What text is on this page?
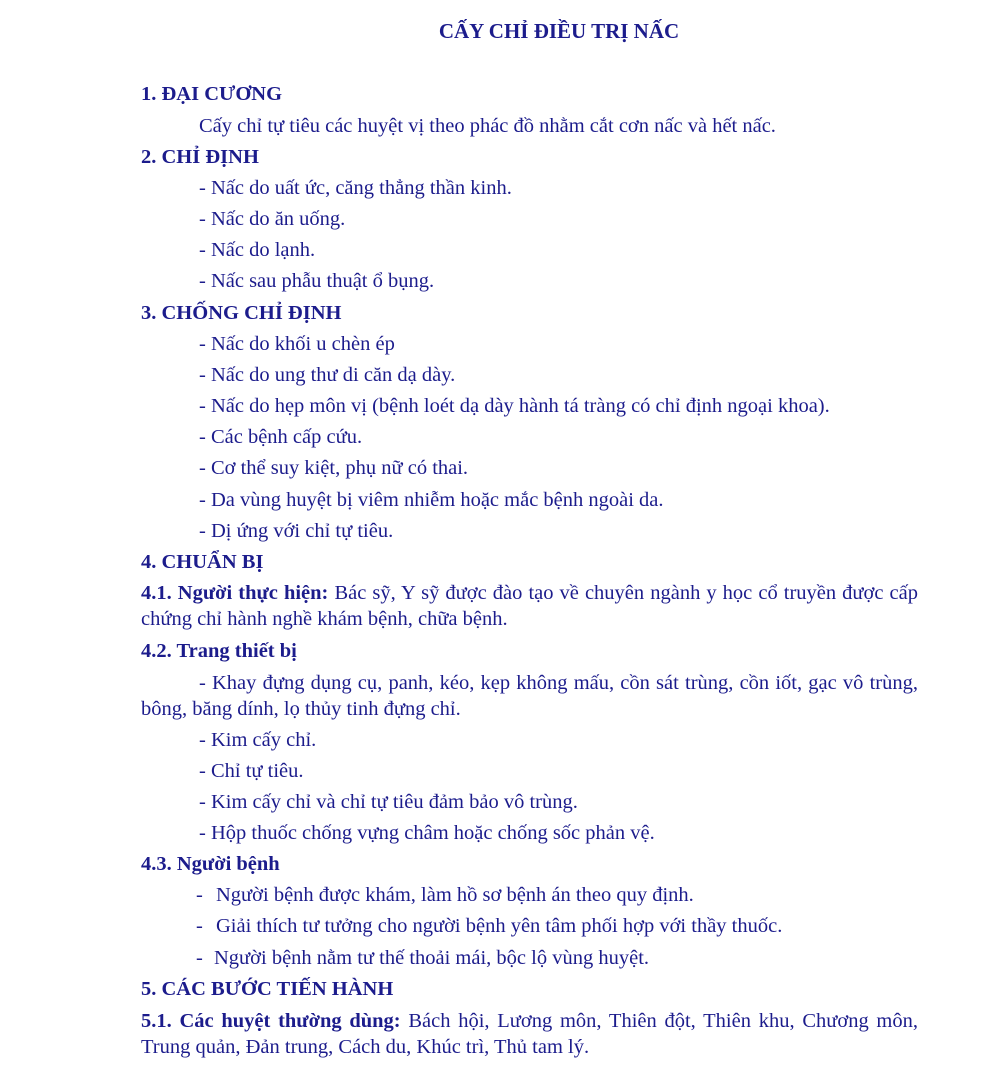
CẤY CHỈ ĐIỀU TRỊ NẤC
1. ĐẠI CƯƠNG
Cấy chỉ tự tiêu các huyệt vị theo phác đồ nhằm cắt cơn nấc và hết nấc.
2. CHỈ ĐỊNH
- Nấc do uất ức, căng thẳng thần kinh.
- Nấc do ăn uống.
- Nấc do lạnh.
- Nấc sau phẫu thuật ổ bụng.
3. CHỐNG CHỈ ĐỊNH
- Nấc do khối u chèn ép
- Nấc do ung thư di căn dạ dày.
- Nấc do hẹp môn vị (bệnh loét dạ dày hành tá tràng có chỉ định ngoại khoa).
- Các bệnh cấp cứu.
- Cơ thể suy kiệt, phụ nữ có thai.
- Da vùng huyệt bị viêm nhiễm hoặc mắc bệnh ngoài da.
- Dị ứng với chỉ tự tiêu.
4. CHUẨN BỊ
4.1. Người thực hiện: Bác sỹ, Y sỹ được đào tạo về chuyên ngành y học cổ truyền được cấp chứng chỉ hành nghề khám bệnh, chữa bệnh.
4.2. Trang thiết bị
- Khay đựng dụng cụ, panh, kéo, kẹp không mấu, cồn sát trùng, cồn iốt, gạc vô trùng, bông, băng dính, lọ thủy tinh đựng chỉ.
- Kim cấy chỉ.
- Chỉ tự tiêu.
- Kim cấy chỉ và chỉ tự tiêu đảm bảo vô trùng.
- Hộp thuốc chống vựng châm hoặc chống sốc phản vệ.
4.3. Người bệnh
- Người bệnh được khám, làm hồ sơ bệnh án theo quy định.
- Giải thích tư tưởng cho người bệnh yên tâm phối hợp với thầy thuốc.
- Người bệnh nằm tư thế thoải mái, bộc lộ vùng huyệt.
5. CÁC BƯỚC TIẾN HÀNH
5.1. Các huyệt thường dùng: Bách hội, Lương môn, Thiên đột, Thiên khu, Chương môn, Trung quản, Đản trung, Cách du, Khúc trì, Thủ tam lý.
